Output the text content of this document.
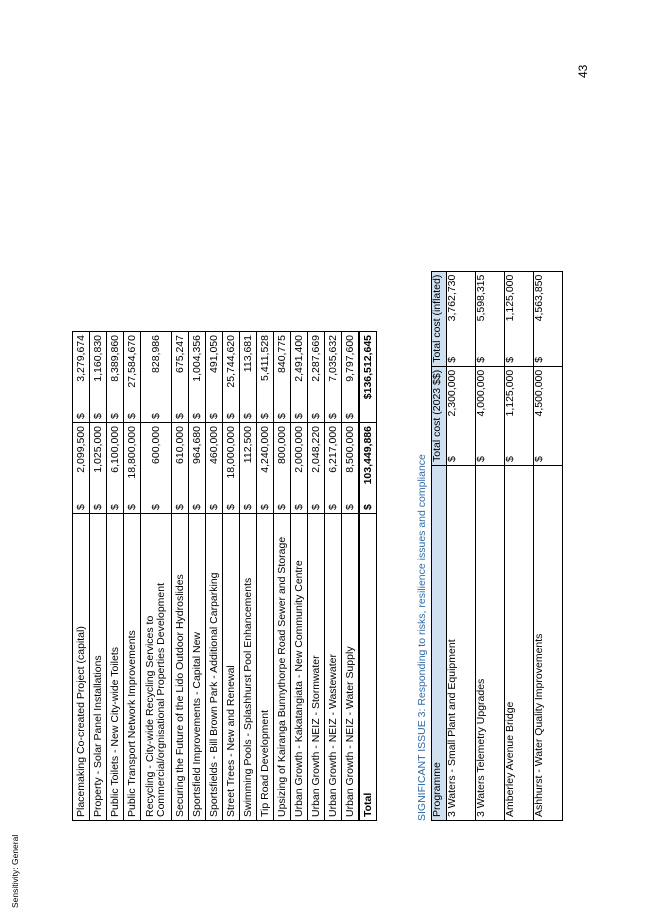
Sensitivity: General
Placemaking Co-created Project (capital)	$	2,099,500	$	3,279,674
Property - Solar Panel Installations	$	1,025,000	$	1,160,830
Public Toilets - New City-wide Toilets	$	6,100,000	$	8,389,860
Public Transport Network Improvements	$	18,800,000	$	27,584,670
Recycling - City-wide Recycling Services to Commercial/orgnisational Properties Development	$	600,000	$	828,986
Securing the Future of the Lido Outdoor Hydroslides	$	610,000	$	675,247
Sportsfield Improvements - Capital New	$	964,680	$	1,004,356
Sportsfields - Bill Brown Park - Additional Carparking	$	460,000	$	491,050
Street Trees - New and Renewal	$	18,000,000	$	25,744,620
Swimming Pools - Splashhurst Pool Enhancements	$	112,500	$	113,681
Tip Road Development	$	4,240,000	$	5,411,528
Upsizing of Kairanga Bunnythorpe Road Sewer and Storage	$	800,000	$	840,775
Urban Growth - Kakatangiata - New Community Centre	$	2,000,000	$	2,491,400
Urban Growth - NEIZ - Stormwater	$	2,048,220	$	2,287,669
Urban Growth - NEIZ - Wastewater	$	6,217,000	$	7,035,632
Urban Growth - NEIZ - Water Supply	$	8,500,000	$	9,797,600
Total	$	103,449,886		$136,512,645
SIGNIFICANT ISSUE 3: Responding to risks, resilience issues and compliance Programme	Total cost (2023 $$)		Total cost (inflated)	
3 Waters - Small Plant and Equipment	$	2,300,000	$	3,762,730
3 Waters Telemetry Upgrades	$	4,000,000	$	5,598,315
Amberley Avenue Bridge	$	1,125,000	$	1,125,000
Ashhurst - Water Quality Improvements	$	4,500,000	$	4,563,850
43
